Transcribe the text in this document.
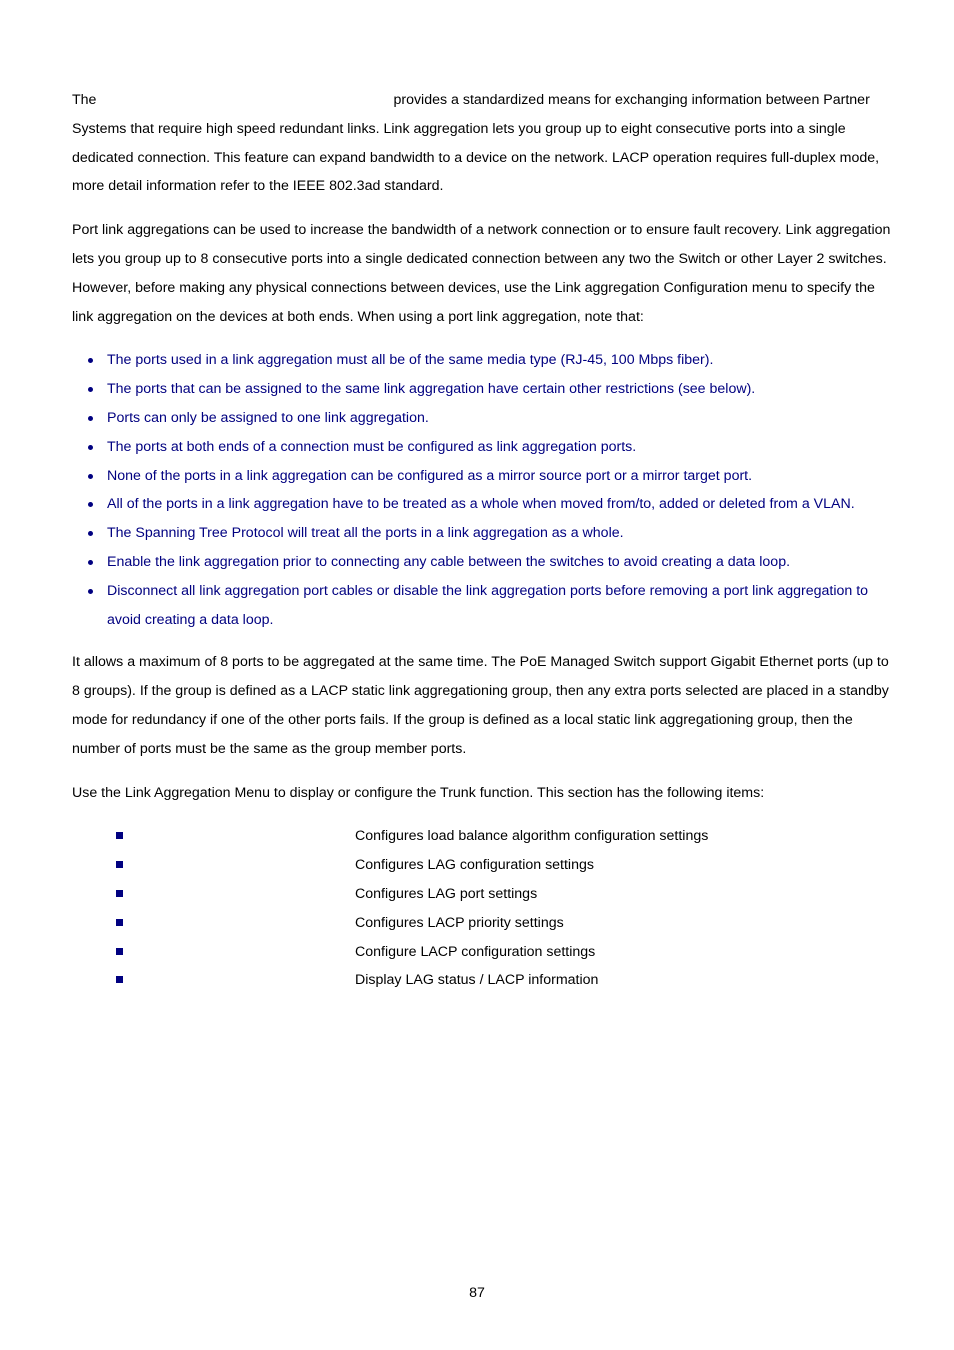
The	provides a standardized means for exchanging information between Partner Systems that require high speed redundant links. Link aggregation lets you group up to eight consecutive ports into a single dedicated connection. This feature can expand bandwidth to a device on the network. LACP operation requires full-duplex mode, more detail information refer to the IEEE 802.3ad standard.

Port link aggregations can be used to increase the bandwidth of a network connection or to ensure fault recovery. Link aggregation lets you group up to 8 consecutive ports into a single dedicated connection between any two the Switch or other Layer 2 switches. However, before making any physical connections between devices, use the Link aggregation Configuration menu to specify the link aggregation on the devices at both ends. When using a port link aggregation, note that:

The ports used in a link aggregation must all be of the same media type (RJ-45, 100 Mbps fiber).
The ports that can be assigned to the same link aggregation have certain other restrictions (see below).
Ports can only be assigned to one link aggregation.
The ports at both ends of a connection must be configured as link aggregation ports.
None of the ports in a link aggregation can be configured as a mirror source port or a mirror target port.
All of the ports in a link aggregation have to be treated as a whole when moved from/to, added or deleted from a VLAN.
The Spanning Tree Protocol will treat all the ports in a link aggregation as a whole.
Enable the link aggregation prior to connecting any cable between the switches to avoid creating a data loop.
Disconnect all link aggregation port cables or disable the link aggregation ports before removing a port link aggregation to avoid creating a data loop.

It allows a maximum of 8 ports to be aggregated at the same time. The PoE Managed Switch support Gigabit Ethernet ports (up to 8 groups). If the group is defined as a LACP static link aggregationing group, then any extra ports selected are placed in a standby mode for redundancy if one of the other ports fails. If the group is defined as a local static link aggregationing group, then the number of ports must be the same as the group member ports.

Use the Link Aggregation Menu to display or configure the Trunk function. This section has the following items:

Configures load balance algorithm configuration settings
Configures LAG configuration settings
Configures LAG port settings
Configures LACP priority settings
Configure LACP configuration settings
Display LAG status / LACP information
87
